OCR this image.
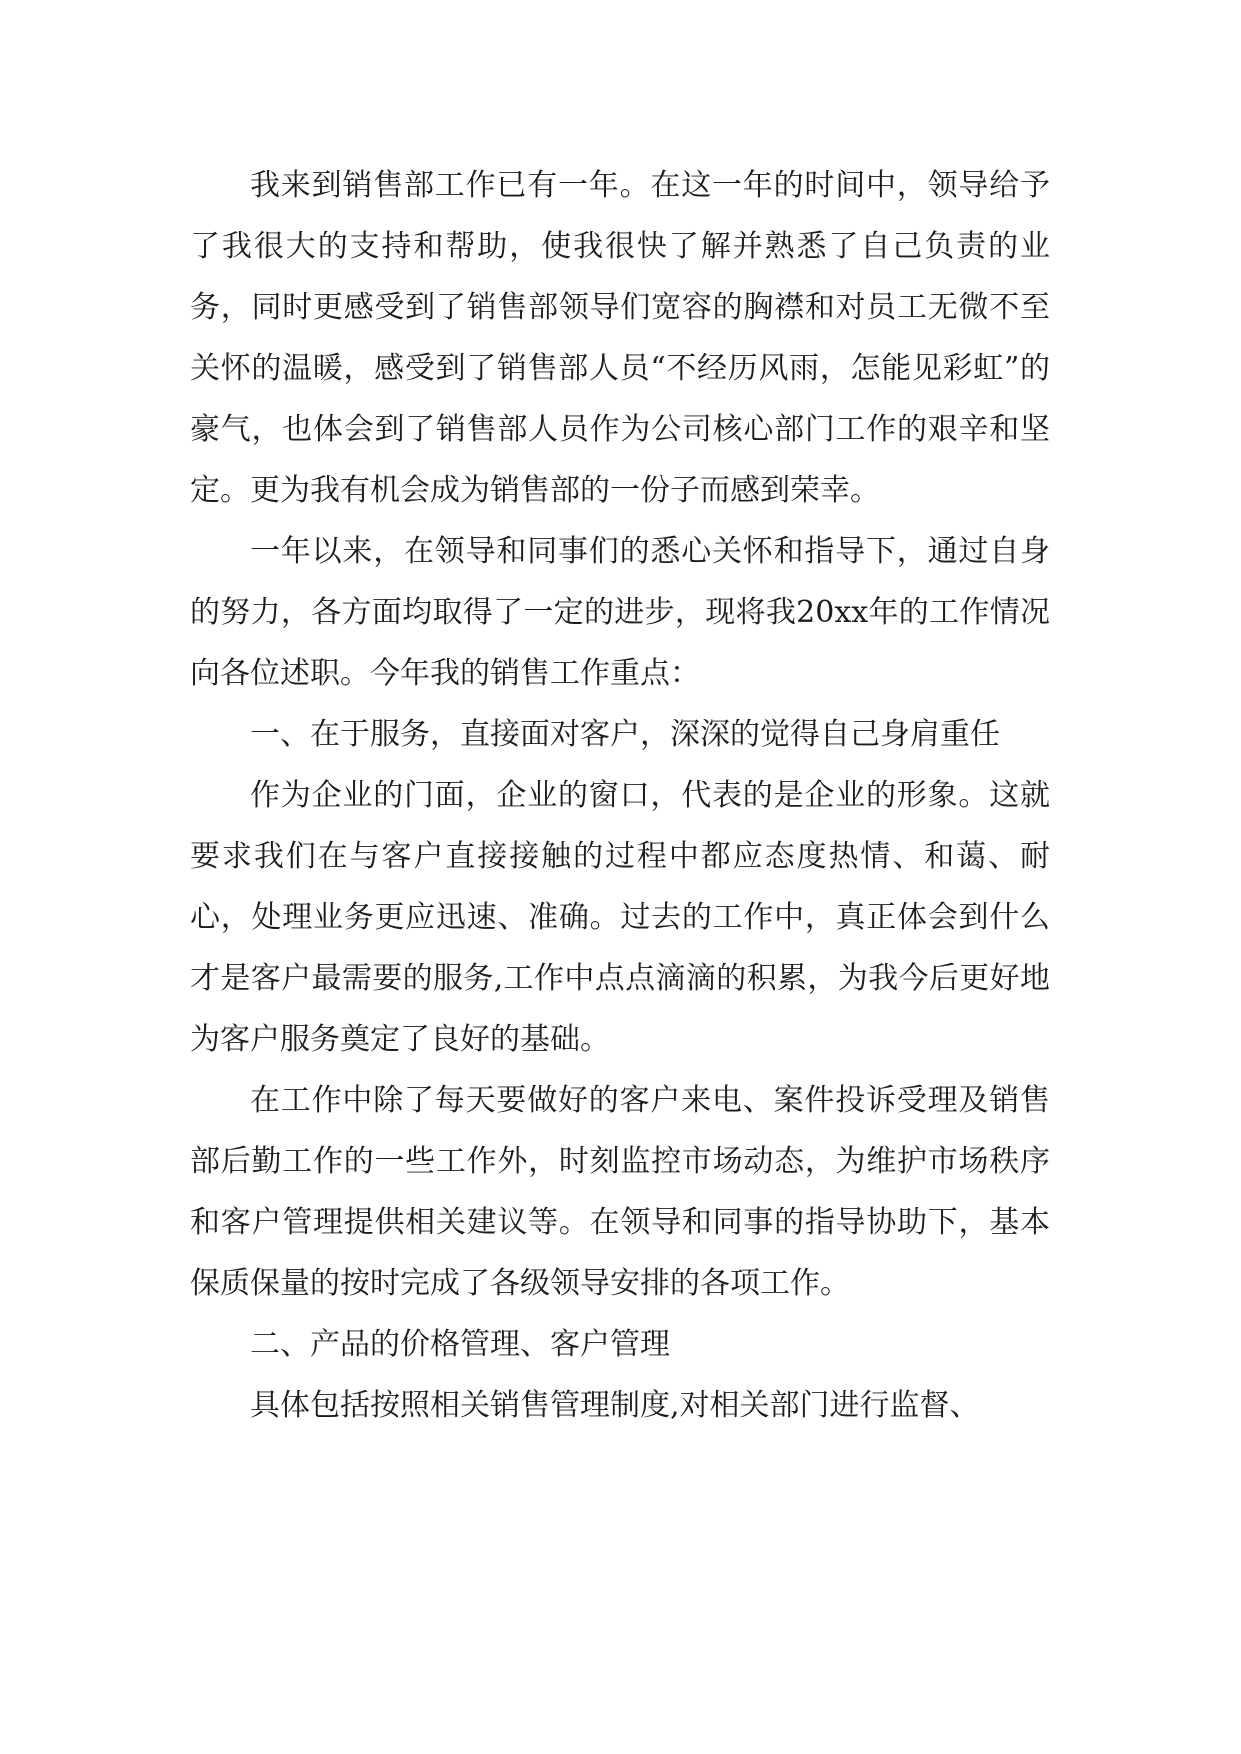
我来到销售部工作已有一年。在这一年的时间中，领导给予了我很大的支持和帮助，使我很快了解并熟悉了自己负责的业务，同时更感受到了销售部领导们宽容的胸襟和对员工无微不至关怀的温暖，感受到了销售部人员“不经历风雨，怎能见彩虹”的豪气，也体会到了销售部人员作为公司核心部门工作的艰辛和坚定。更为我有机会成为销售部的一份子而感到荣幸。

一年以来，在领导和同事们的悉心关怀和指导下，通过自身的努力，各方面均取得了一定的进步，现将我20xx年的工作情况向各位述职。今年我的销售工作重点：

一、在于服务，直接面对客户，深深的觉得自己身肩重任

作为企业的门面，企业的窗口，代表的是企业的形象。这就要求我们在与客户直接接触的过程中都应态度热情、和蔼、耐心，处理业务更应迅速、准确。过去的工作中，真正体会到什么才是客户最需要的服务,工作中点点滴滴的积累，为我今后更好地为客户服务奠定了良好的基础。

在工作中除了每天要做好的客户来电、案件投诉受理及销售部后勤工作的一些工作外，时刻监控市场动态，为维护市场秩序和客户管理提供相关建议等。在领导和同事的指导协助下，基本保质保量的按时完成了各级领导安排的各项工作。

二、产品的价格管理、客户管理

具体包括按照相关销售管理制度,对相关部门进行监督、
